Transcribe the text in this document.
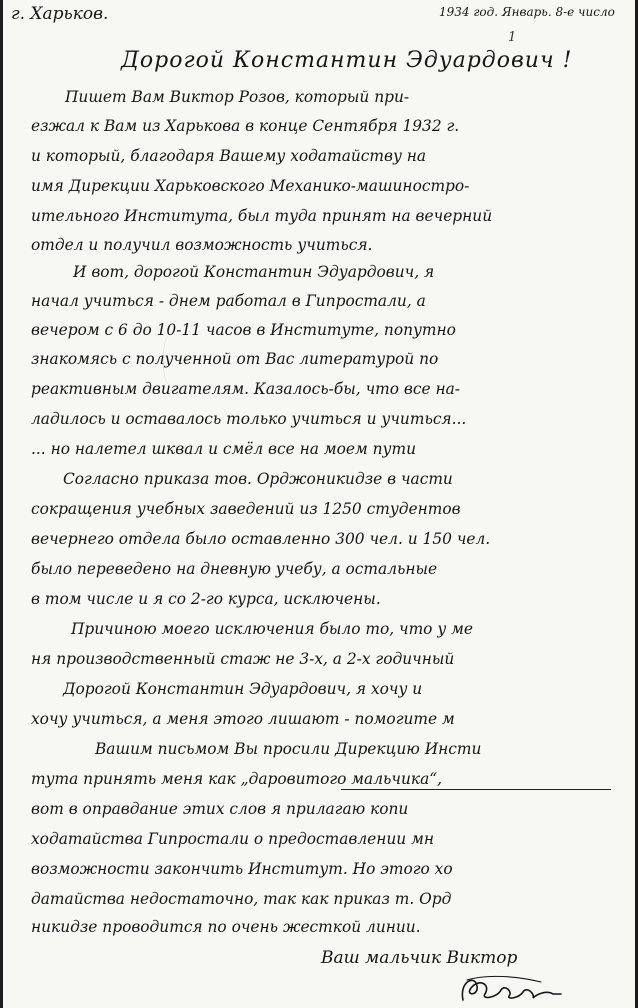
г. Харьков.	1934 год. Январь. 8-е число
1
Дорогой Константин Эдуардович !
Пишет Вам Виктор Розов, который при-
езжал к Вам из Харькова в конце Сентября 1932 г.
и который, благодаря Вашему ходатайству на
имя Дирекции Харьковского Механико-машиностро-
ительного Института, был туда принят на вечерний
отдел и получил возможность учиться.
И вот, дорогой Константин Эдуардович, я
начал учиться - днем работал в Гипростали, а
вечером с 6 до 10-11 часов в Институте, попутно
знакомясь с полученной от Вас литературой по
реактивным двигателям. Казалось-бы, что все на-
ладилось и оставалось только учиться и учиться...
... но налетел шквал и смёл все на моем пути
Согласно приказа тов. Орджоникидзе в части
сокращения учебных заведений из 1250 студентов
вечернего отдела было оставленно 300 чел. и 150 чел.
было переведено на дневную учебу, а остальные
в том числе и я со 2-го курса, исключены.
Причиною моего исключения было то, что у ме
ня производственный стаж не 3-х, а 2-х годичный
Дорогой Константин Эдуардович, я хочу и
хочу учиться, а меня этого лишают - помогите м
Вашим письмом Вы просили Дирекцию Инсти
тута принять меня как „даровитого мальчика“,
вот в оправдание этих слов я прилагаю копи
ходатайства Гипростали о предоставлении мн
возможности закончить Институт. Но этого хо
датайства недостаточно, так как приказ т. Орд
никидзе проводится по очень жесткой линии.
Ваш мальчик Виктор
